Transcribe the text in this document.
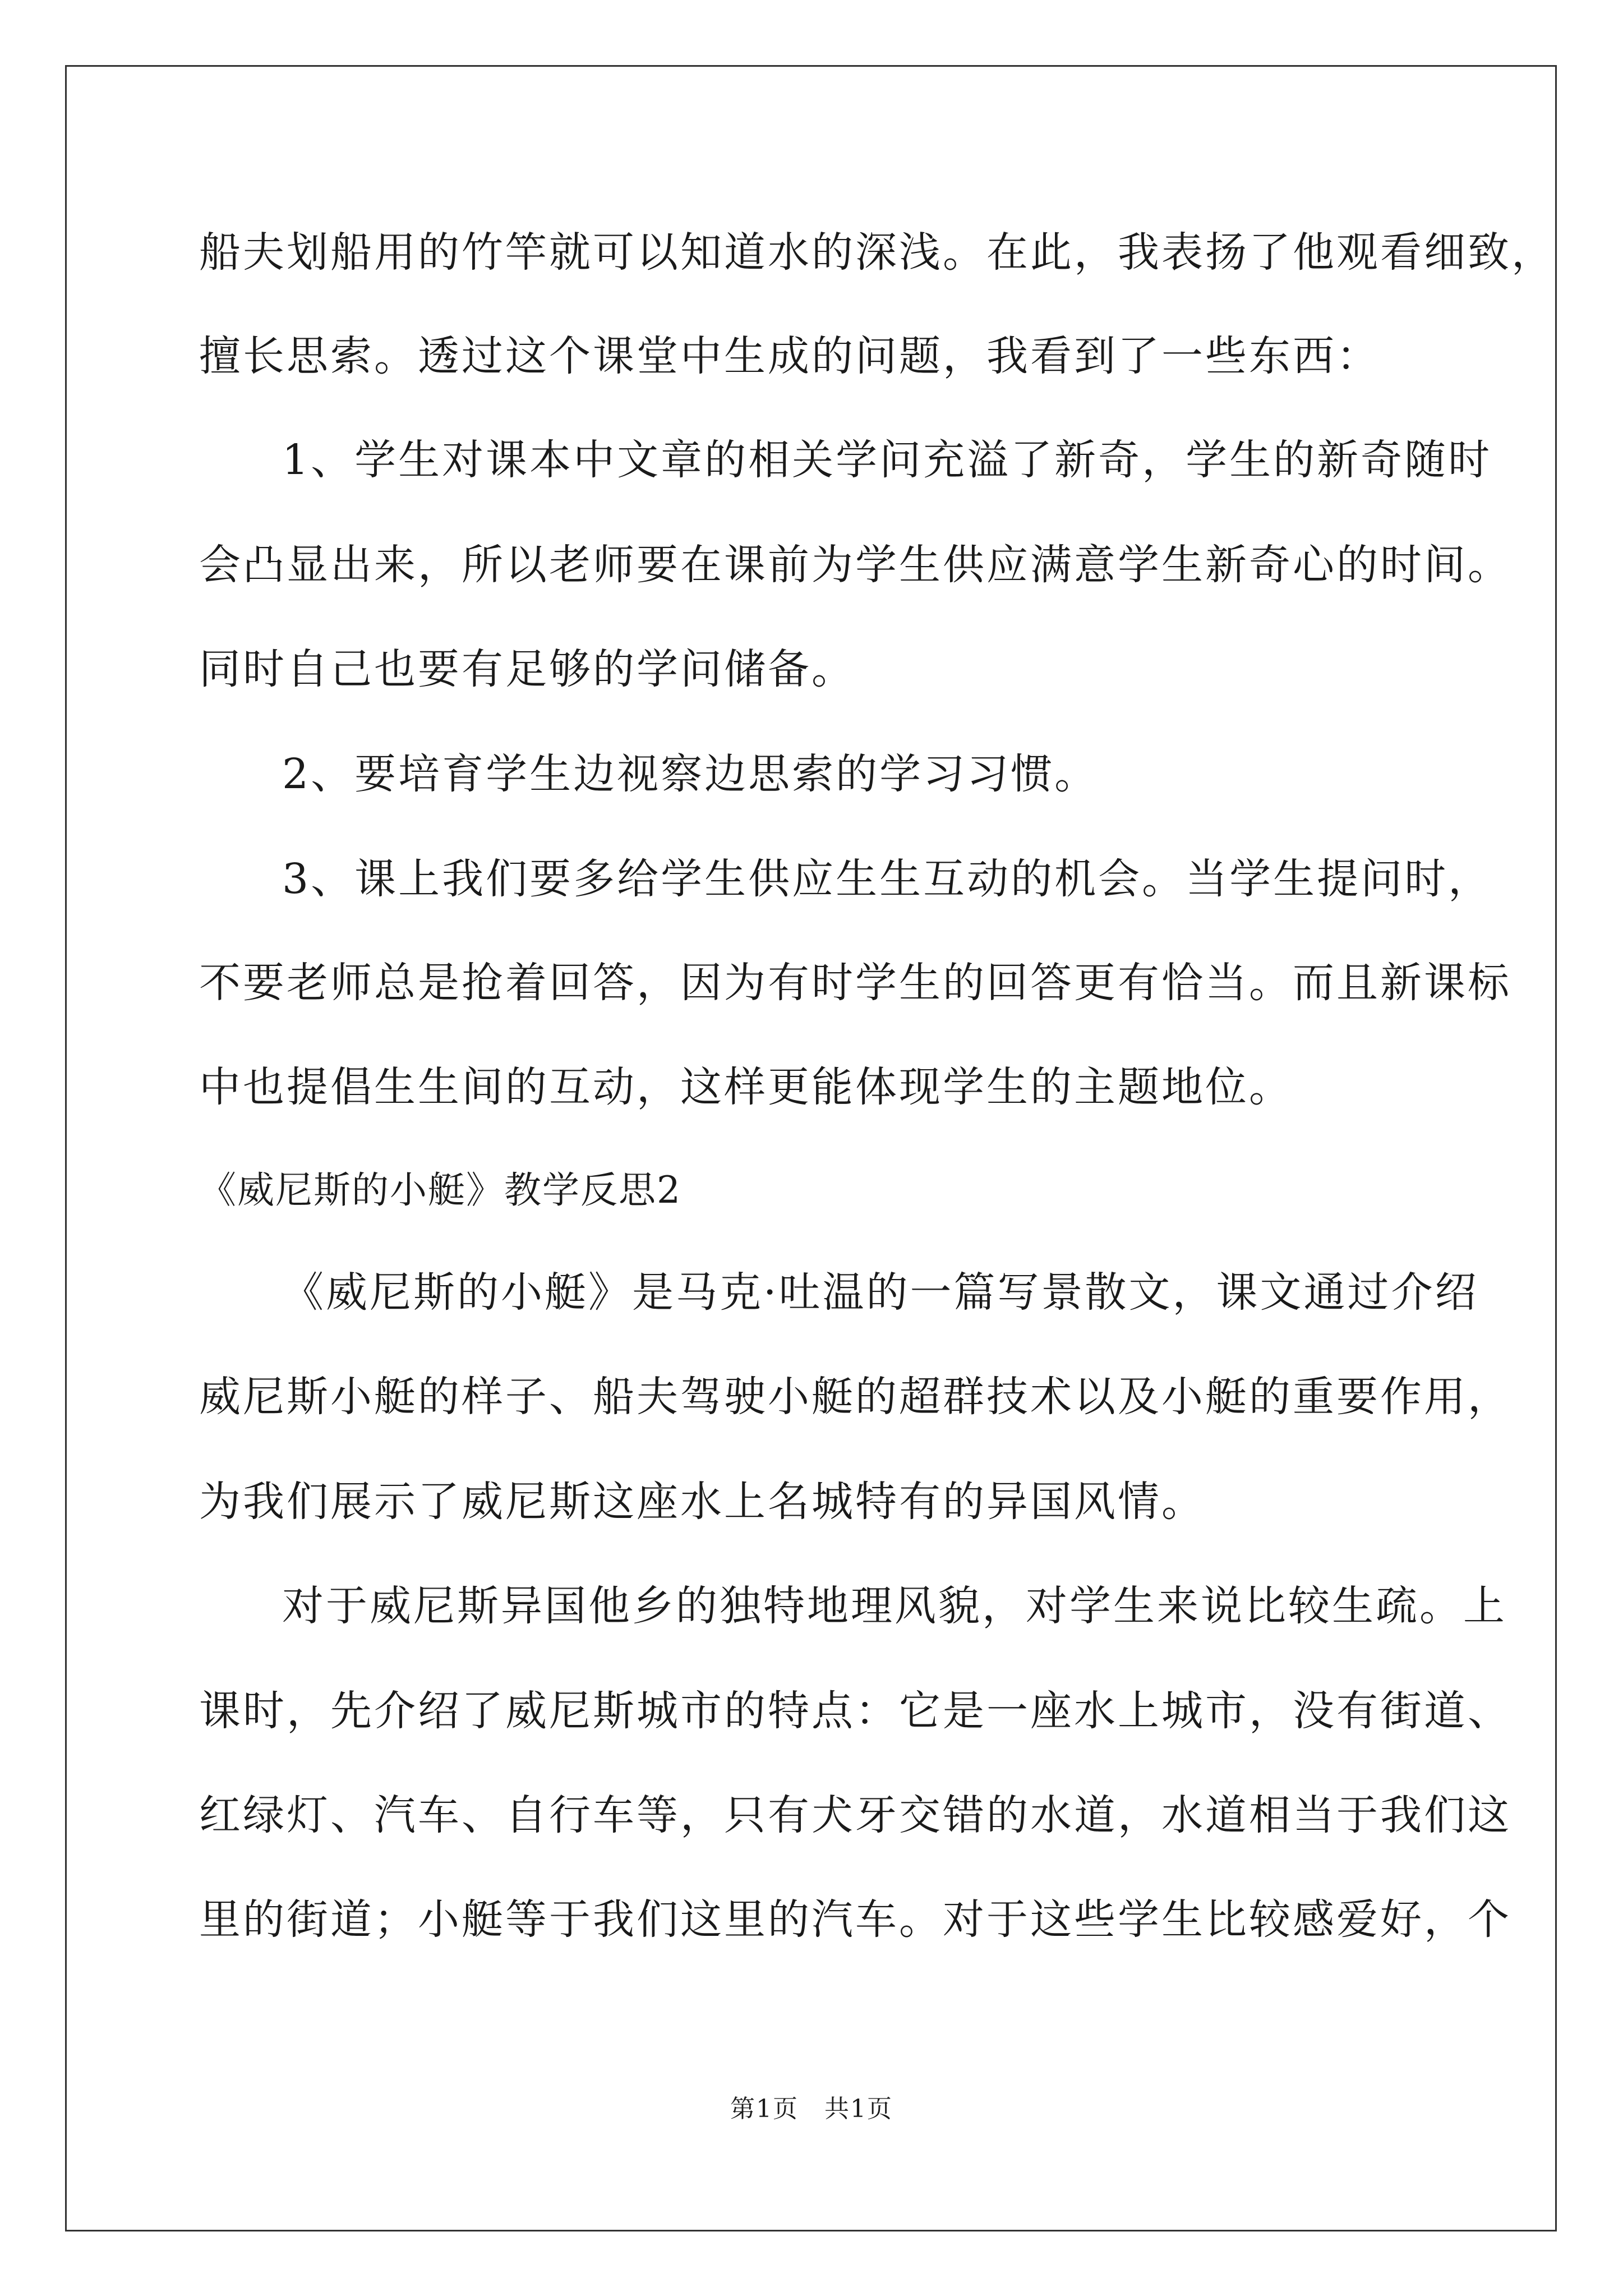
船夫划船用的竹竿就可以知道水的深浅。在此，我表扬了他观看细致，
擅长思索。透过这个课堂中生成的问题，我看到了一些东西：
1、学生对课本中文章的相关学问充溢了新奇，学生的新奇随时
会凸显出来，所以老师要在课前为学生供应满意学生新奇心的时间。
同时自己也要有足够的学问储备。
2、要培育学生边视察边思索的学习习惯。
3、课上我们要多给学生供应生生互动的机会。当学生提问时，
不要老师总是抢着回答，因为有时学生的回答更有恰当。而且新课标
中也提倡生生间的互动，这样更能体现学生的主题地位。
《威尼斯的小艇》教学反思2
《威尼斯的小艇》是马克·吐温的一篇写景散文，课文通过介绍
威尼斯小艇的样子、船夫驾驶小艇的超群技术以及小艇的重要作用，
为我们展示了威尼斯这座水上名城特有的异国风情。
对于威尼斯异国他乡的独特地理风貌，对学生来说比较生疏。上
课时，先介绍了威尼斯城市的特点：它是一座水上城市，没有街道、
红绿灯、汽车、自行车等，只有犬牙交错的水道，水道相当于我们这
里的街道；小艇等于我们这里的汽车。对于这些学生比较感爱好，个
第1页　共1页
